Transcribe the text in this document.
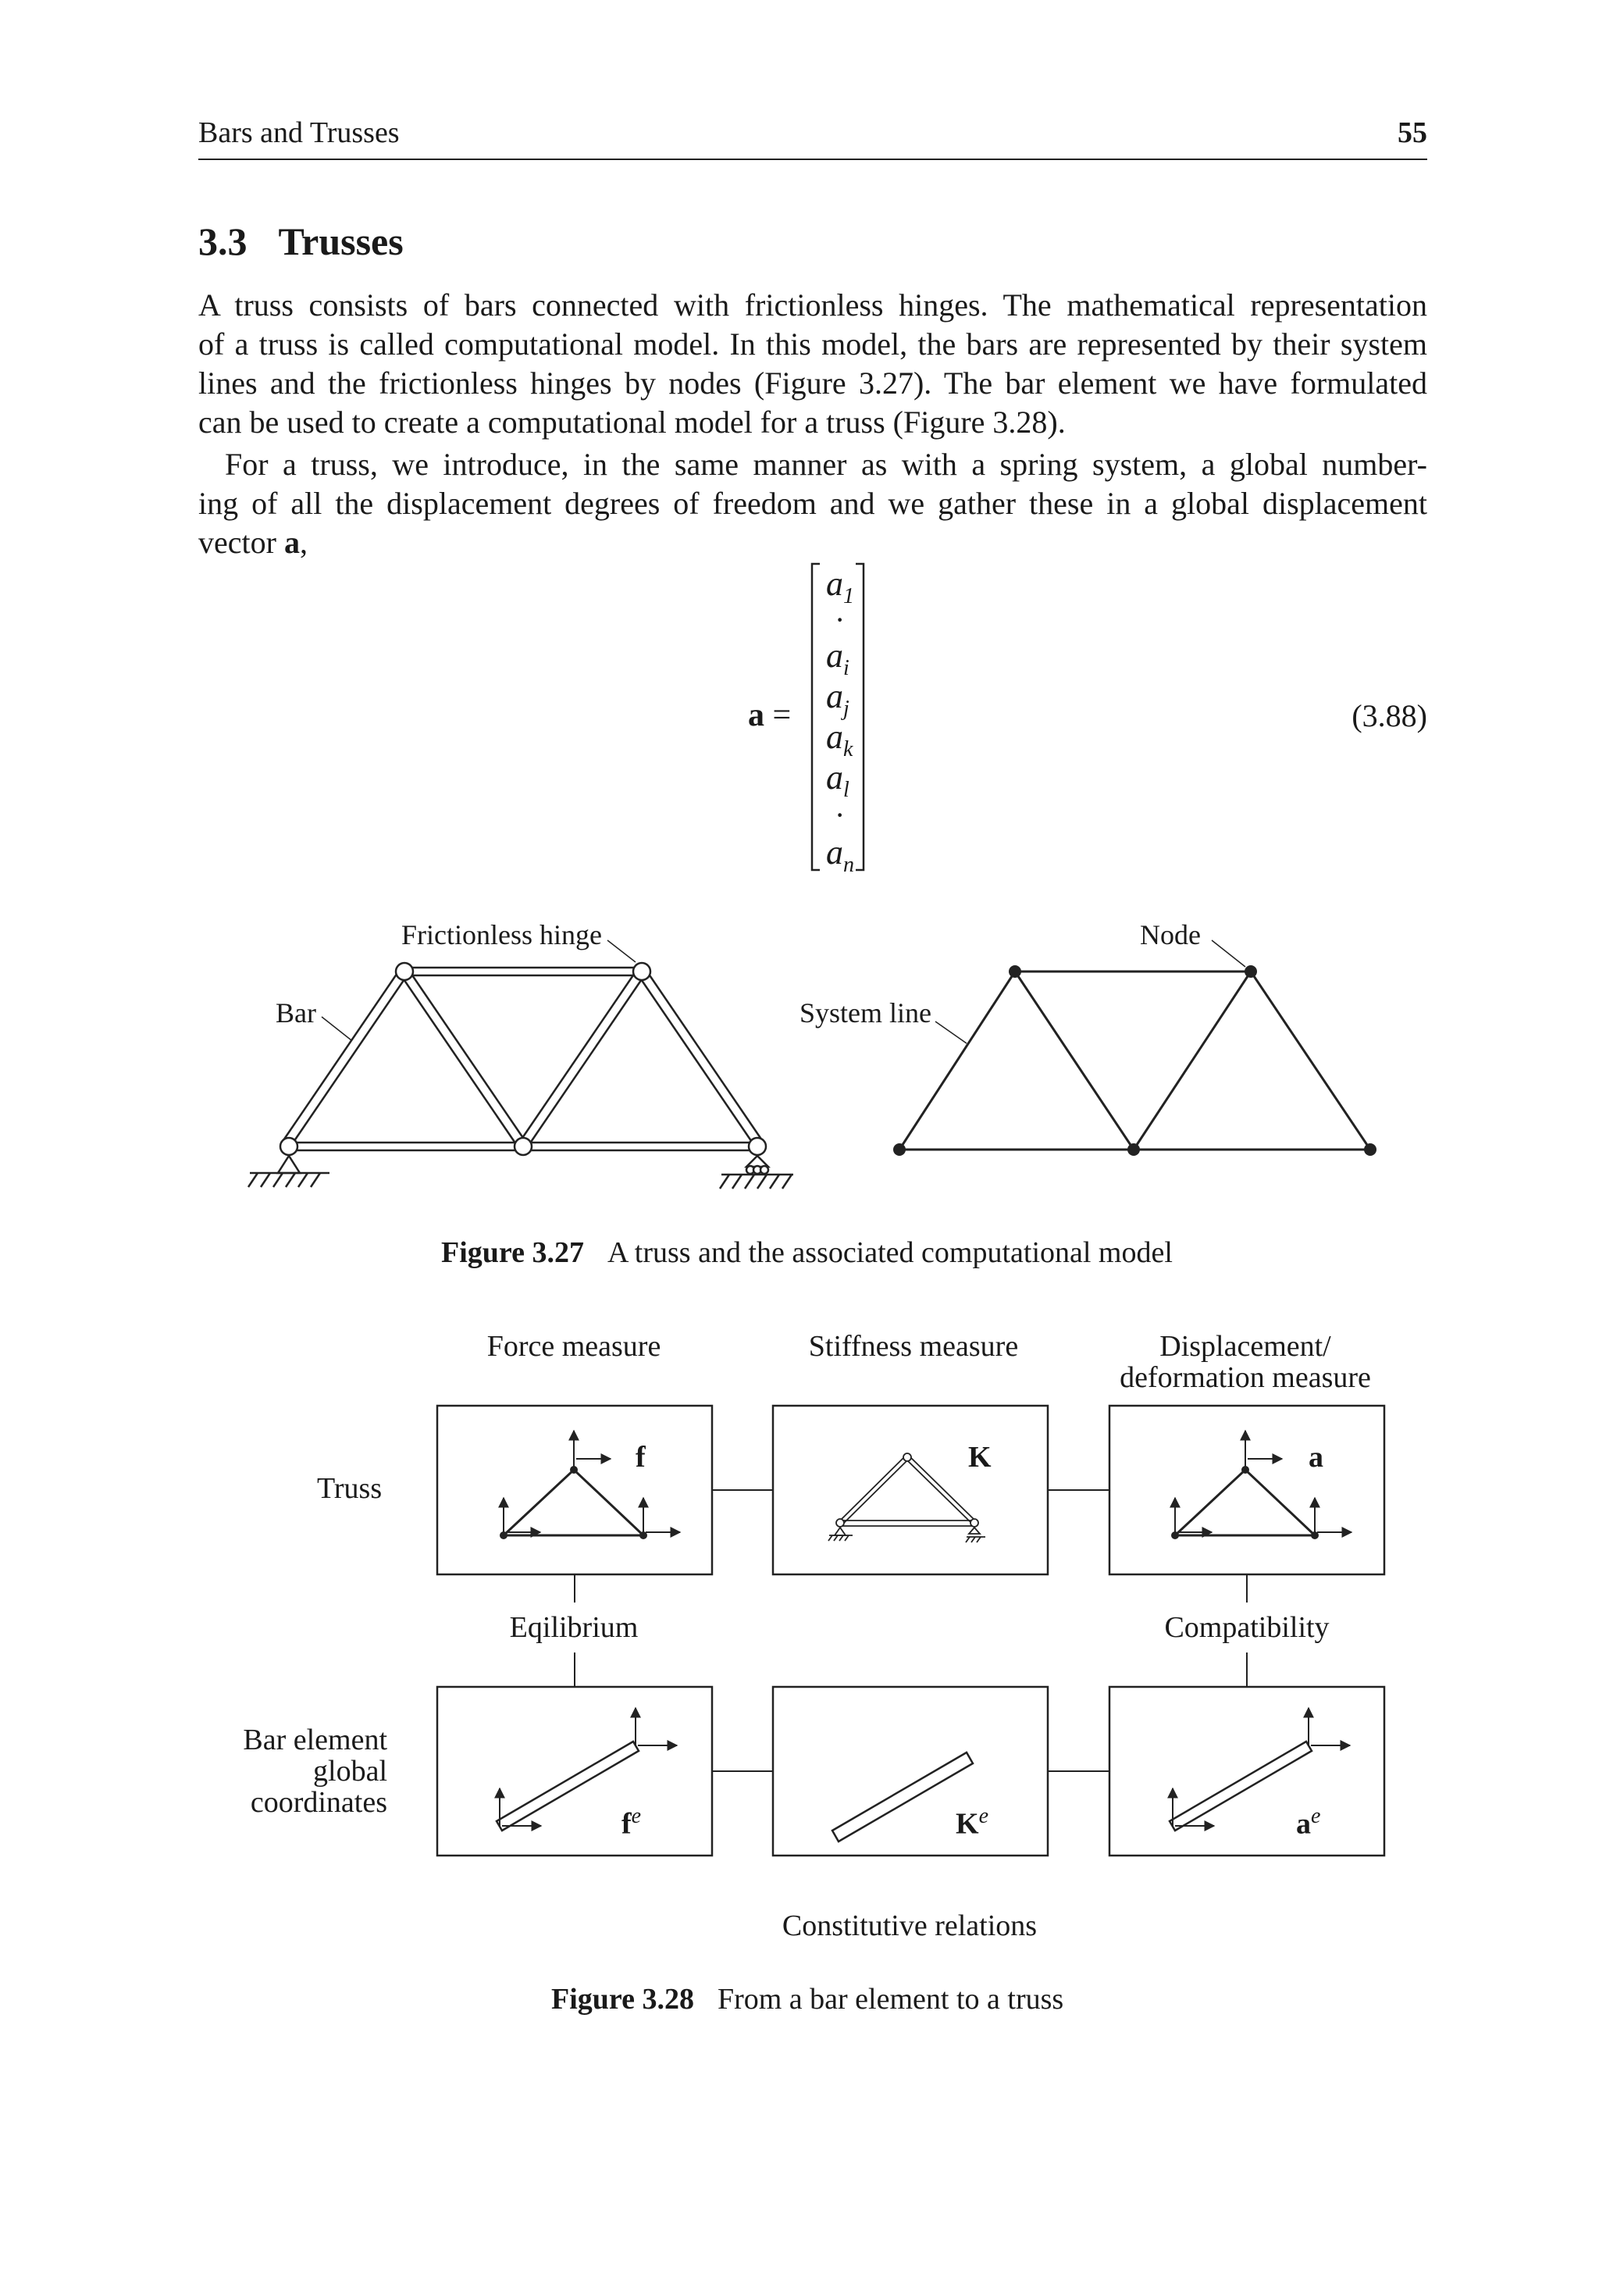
Bars and Trusses	55
3.3 Trusses
A truss consists of bars connected with frictionless hinges. The mathematical representation
of a truss is called computational model. In this model, the bars are represented by their system
lines and the frictionless hinges by nodes (Figure 3.27). The bar element we have formulated
can be used to create a computational model for a truss (Figure 3.28).
For a truss, we introduce, in the same manner as with a spring system, a global number-
ing of all the displacement degrees of freedom and we gather these in a global displacement
vector a,
a =
$a_1$
·
$a_i$
$a_j$
$a_k$
$a_l$
·
$a_n$
(3.88)
Frictionless hinge
Bar	System line
Node
Figure 3.27 A truss and the associated computational model
Force measure	Stiffness measure	Displacement/
deformation measure
Truss
Bar element
global
coordinates
f	K	a
$f^e$	$K^e$	$a^e$
Eqilibrium	Compatibility
Constitutive relations
Figure 3.28 From a bar element to a truss
